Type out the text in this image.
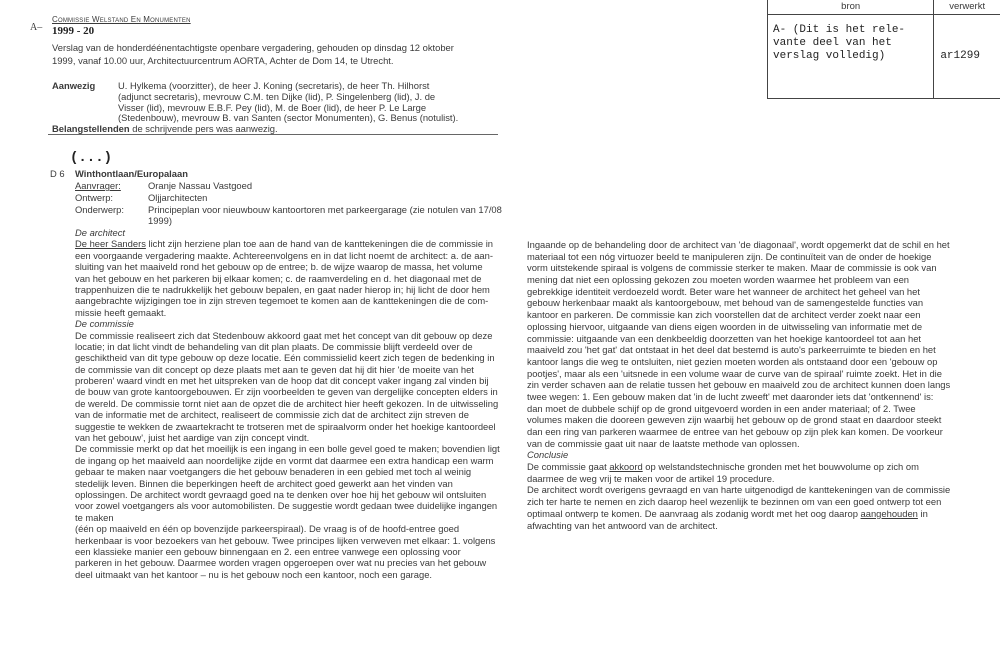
A–
Commissie Welstand En Monumenten
1999 - 20
Verslag van de honderdéénentachtigste openbare vergadering, gehouden op dinsdag 12 oktober
1999, vanaf 10.00 uur, Architectuurcentrum AORTA, Achter de Dom 14, te Utrecht.
Aanwezig U. Hylkema (voorzitter), de heer J. Koning (secretaris), de heer Th. Hilhorst
(adjunct secretaris), mevrouw C.M. ten Dijke (lid), P. Singelenberg (lid), J. de
Visser (lid), mevrouw E.B.F. Pey (lid), M. de Boer (lid), de heer P. Le Large
(Stedenbouw), mevrouw B. van Santen (sector Monumenten), G. Benus (notulist).
Belangstellenden de schrijvende pers was aanwezig.
bron	verwerkt

A- (Dit is het rele-
vante deel van het
verslag volledig)	ar1299
(...)
D 6 Winthontlaan/Europalaan
Aanvrager:	Oranje Nassau Vastgoed
Ontwerp:	Oljjarchitecten
Onderwerp:	Principeplan voor nieuwbouw kantoortoren met parkeergarage (zie notulen van 17/08
1999)
De architect
De heer Sanders licht zijn herziene plan toe aan de hand van de kanttekeningen die de commissie in
een voorgaande vergadering maakte. Achtereenvolgens en in dat licht noemt de architect: a. de aan-
sluiting van het maaiveld rond het gebouw op de entree; b. de wijze waarop de massa, het volume
van het gebouw en het parkeren bij elkaar komen; c. de raamverdeling en d. het diagonaal met de
trappenhuizen die te nadrukkelijk het gebouw bepalen, en gaat nader hierop in; hij licht de door hem
aangebrachte wijzigingen toe in zijn streven tegemoet te komen aan de kanttekeningen die de com-
missie heeft gemaakt.
De commissie
De commissie realiseert zich dat Stedenbouw akkoord gaat met het concept van dit gebouw op deze
locatie; in dat licht vindt de behandeling van dit plan plaats. De commissie blijft verdeeld over de
geschiktheid van dit type gebouw op deze locatie. Eén commissielid keert zich tegen de bedenking in
de commissie van dit concept op deze plaats met aan te geven dat hij dit hier 'de moeite van het
proberen' waard vindt en met het uitspreken van de hoop dat dit concept vaker ingang zal vinden bij
de bouw van grote kantoorgebouwen. Er zijn voorbeelden te geven van dergelijke concepten elders in
de wereld. De commissie tornt niet aan de opzet die de architect hier heeft gekozen. In de uitwisseling
van de informatie met de architect, realiseert de commissie zich dat de architect zijn streven de
suggestie te wekken de zwaartekracht te trotseren met de spiraalvorm onder het hoekige kantoordeel
van het gebouw', juist het aardige van zijn concept vindt.
De commissie merkt op dat het moeilijk is een ingang in een bolle gevel goed te maken; bovendien ligt
de ingang op het maaiveld aan noordelijke zijde en vormt dat daarmee een extra handicap een warm
gebaar te maken naar voetgangers die het gebouw benaderen in een gebied met toch al weinig
stedelijk leven. Binnen die beperkingen heeft de architect goed gewerkt aan het vinden van
oplossingen. De architect wordt gevraagd goed na te denken over hoe hij het gebouw wil ontsluiten
voor zowel voetgangers als voor automobilisten. De suggestie wordt gedaan twee duidelijke ingangen
te maken
(één op maaiveld en één op bovenzijde parkeerspiraal). De vraag is of de hoofd-entree goed
herkenbaar is voor bezoekers van het gebouw. Twee principes lijken verweven met elkaar: 1. volgens
een klassieke manier een gebouw binnengaan en 2. een entree vanwege een oplossing voor
parkeren in het gebouw. Daarmee worden vragen opgeroepen over wat nu precies van het gebouw
deel uitmaakt van het kantoor – nu is het gebouw noch een kantoor, noch een garage.
Ingaande op de behandeling door de architect van 'de diagonaal', wordt opgemerkt dat de schil en het
materiaal tot een nóg virtuozer beeld te manipuleren zijn. De continuïteit van de onder de hoekige
vorm uitstekende spiraal is volgens de commissie sterker te maken. Maar de commissie is ook van
mening dat niet een oplossing gekozen zou moeten worden waarmee het probleem van een
gebrekkige identiteit verdoezeld wordt. Beter ware het wanneer de architect het geheel van het
gebouw herkenbaar maakt als kantoorgebouw, met behoud van de samengestelde functies van
kantoor en parkeren. De commissie kan zich voorstellen dat de architect verder zoekt naar een
oplossing hiervoor, uitgaande van diens eigen woorden in de uitwisseling van informatie met de
commissie: uitgaande van een denkbeeldig doorzetten van het hoekige kantoordeel tot aan het
maaiveld zou 'het gat' dat ontstaat in het deel dat bestemd is auto's parkeerruimte te bieden en het
kantoor langs die weg te ontsluiten, niet gezien moeten worden als ontstaand door een 'gebouw op
pootjes', maar als een 'uitsnede in een volume waar de curve van de spiraal' ruimte zoekt. Het in die
zin verder schaven aan de relatie tussen het gebouw en maaiveld zou de architect kunnen doen langs
twee wegen: 1. Een gebouw maken dat 'in de lucht zweeft' met daaronder iets dat 'ontkennend' is:
dan moet de dubbele schijf op de grond uitgevoerd worden in een ander materiaal; of 2. Twee
volumes maken die dooreen geweven zijn waarbij het gebouw op de grond staat en daardoor steekt
dan een ring van parkeren waarmee de entree van het gebouw op zijn plek kan komen. De voorkeur
van de commissie gaat uit naar de laatste methode van oplossen.
Conclusie
De commissie gaat akkoord op welstandstechnische gronden met het bouwvolume op zich om
daarmee de weg vrij te maken voor de artikel 19 procedure.
De architect wordt overigens gevraagd en van harte uitgenodigd de kanttekeningen van de commissie
zich ter harte te nemen en zich daarop heel wezenlijk te bezinnen om van een goed ontwerp tot een
optimaal ontwerp te komen. De aanvraag als zodanig wordt met het oog daarop aangehouden in
afwachting van het antwoord van de architect.
